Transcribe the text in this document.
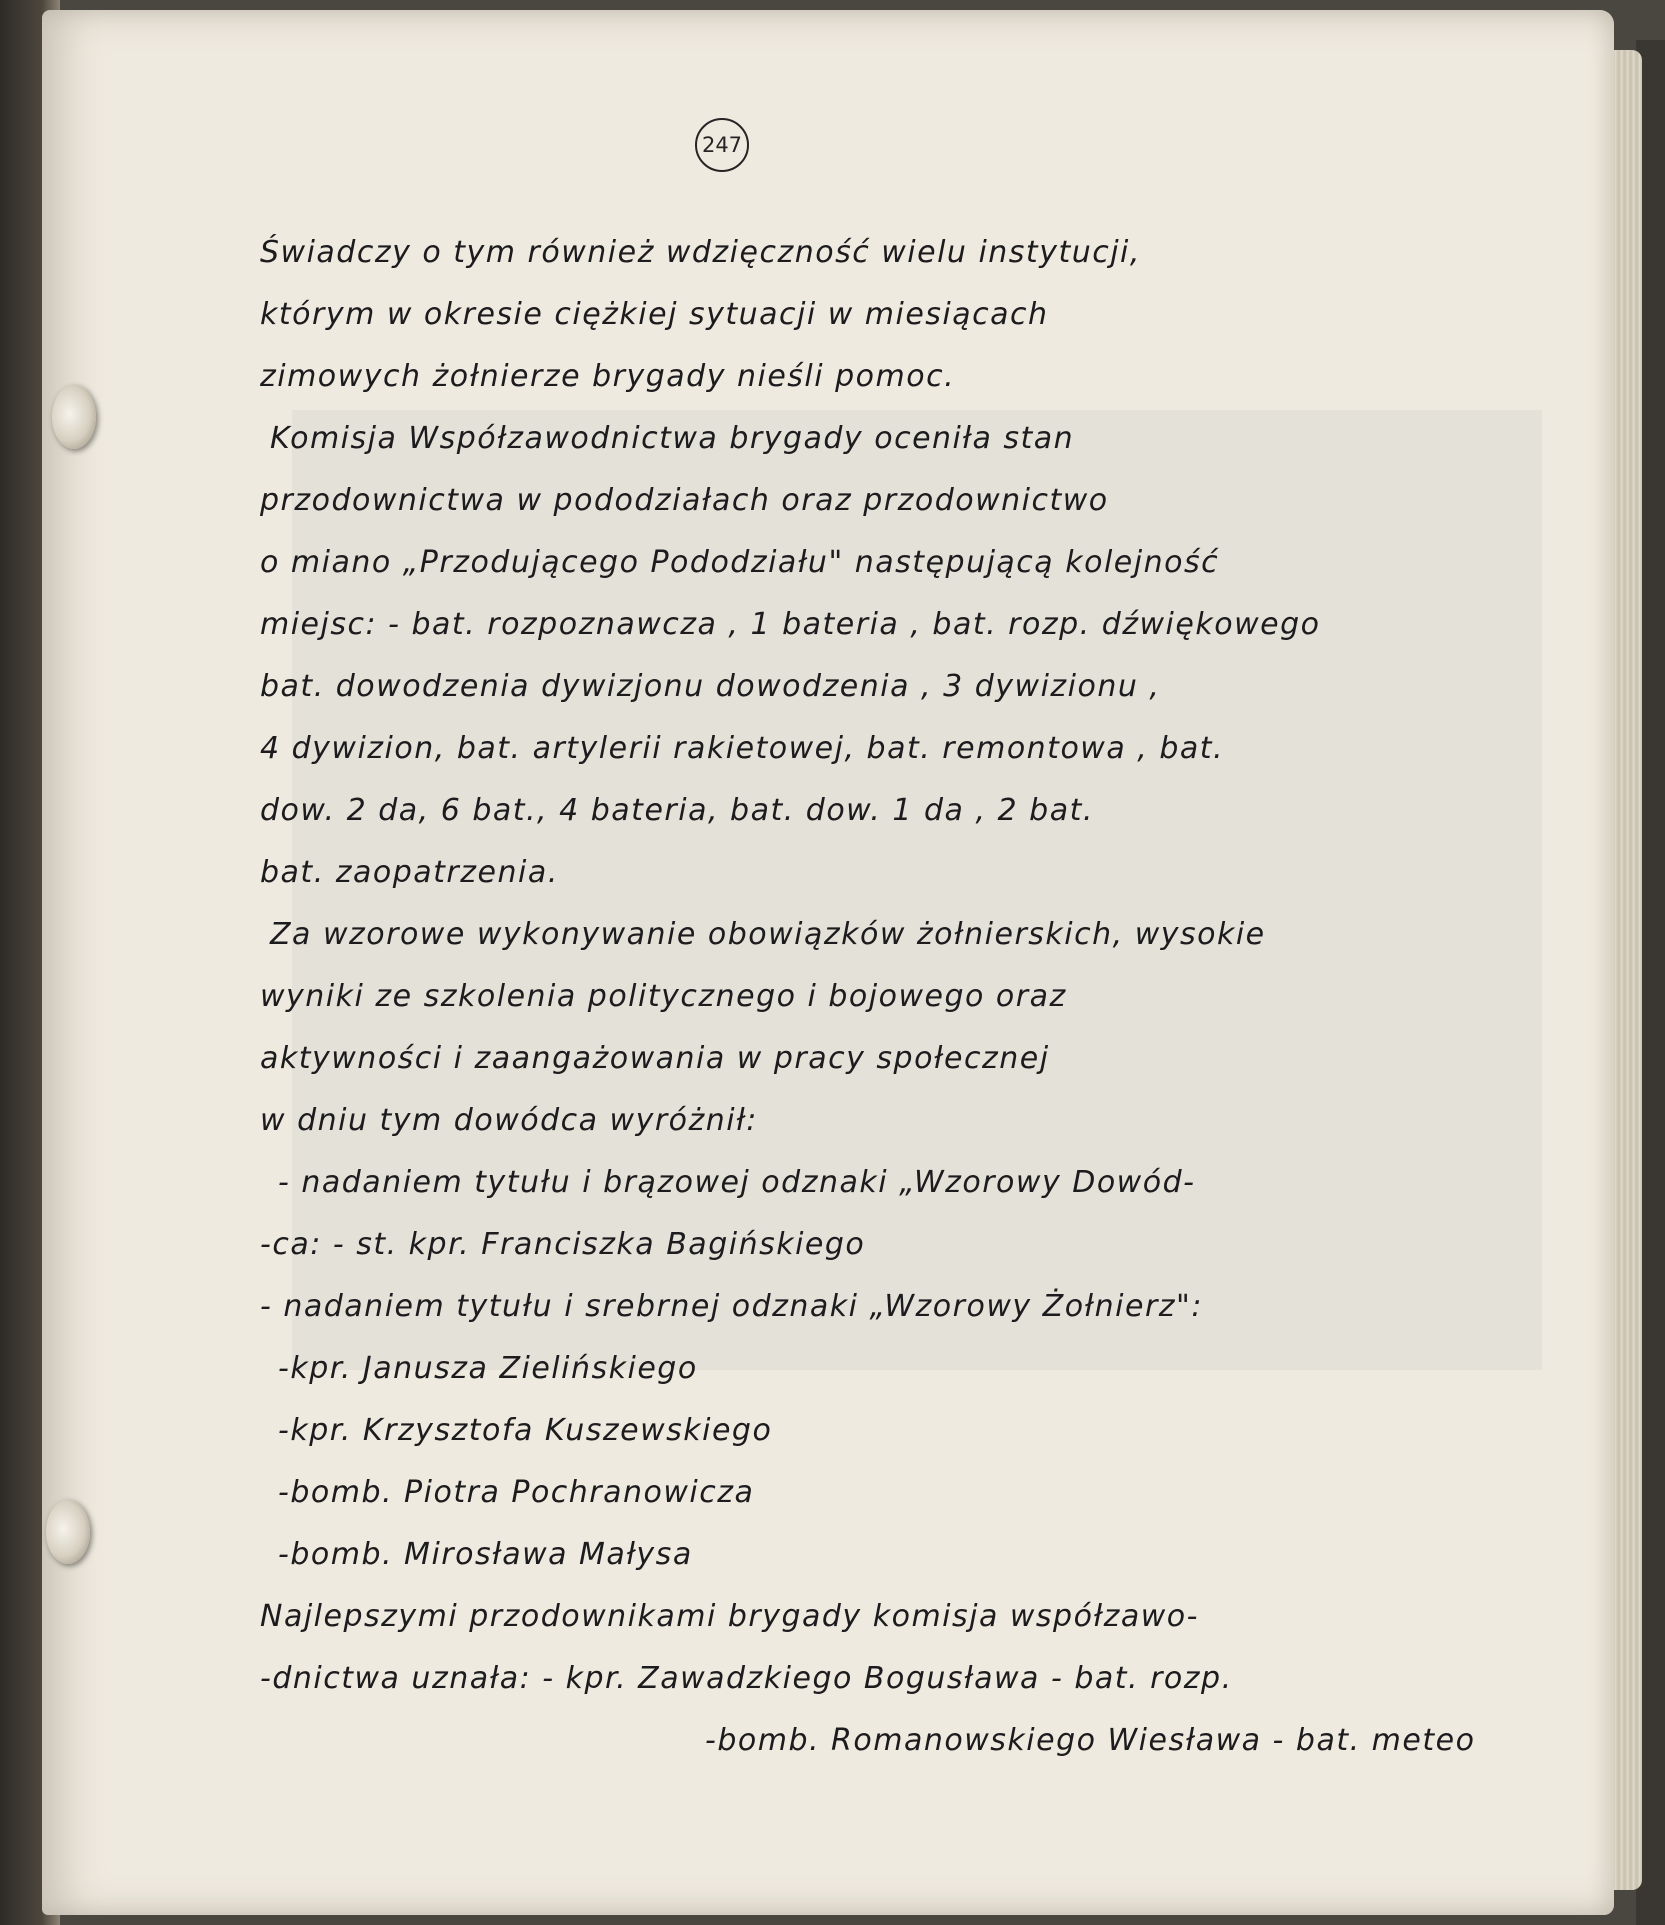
247
Świadczy o tym również wdzięczność wielu instytucji,
którym w okresie ciężkiej sytuacji w miesiącach
zimowych żołnierze brygady nieśli pomoc.
Komisja Współzawodnictwa brygady oceniła stan
przodownictwa w pododziałach oraz przodownictwo
o miano „Przodującego Pododziału" następującą kolejność
miejsc: - bat. rozpoznawcza , 1 bateria , bat. rozp. dźwiękowego
bat. dowodzenia dywizjonu dowodzenia , 3 dywizionu ,
4 dywizion, bat. artylerii rakietowej, bat. remontowa , bat.
dow. 2 da, 6 bat., 4 bateria, bat. dow. 1 da , 2 bat.
bat. zaopatrzenia.
Za wzorowe wykonywanie obowiązków żołnierskich, wysokie
wyniki ze szkolenia politycznego i bojowego oraz
aktywności i zaangażowania w pracy społecznej
w dniu tym dowódca wyróżnił:
- nadaniem tytułu i brązowej odznaki „Wzorowy Dowód-
-ca: - st. kpr. Franciszka Bagińskiego
- nadaniem tytułu i srebrnej odznaki „Wzorowy Żołnierz":
-kpr. Janusza Zielińskiego
-kpr. Krzysztofa Kuszewskiego
-bomb. Piotra Pochranowicza
-bomb. Mirosława Małysa
Najlepszymi przodownikami brygady komisja współzawo-
-dnictwa uznała: - kpr. Zawadzkiego Bogusława - bat. rozp.
-bomb. Romanowskiego Wiesława - bat. meteo
